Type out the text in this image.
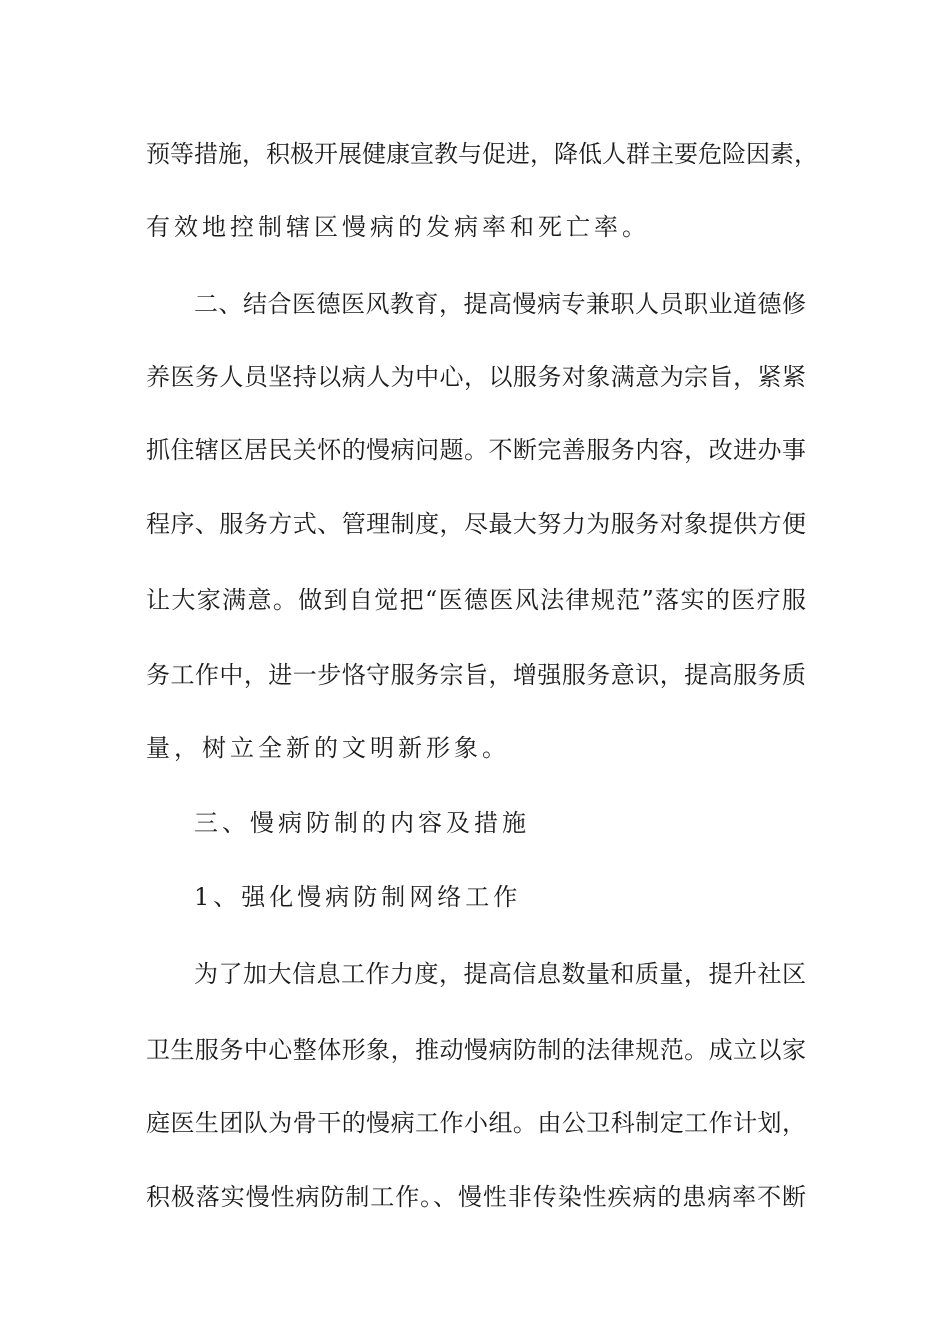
预等措施，积极开展健康宣教与促进，降低人群主要危险因素，
有效地控制辖区慢病的发病率和死亡率。
二、结合医德医风教育，提高慢病专兼职人员职业道德修
养医务人员坚持以病人为中心，以服务对象满意为宗旨，紧紧
抓住辖区居民关怀的慢病问题。不断完善服务内容，改进办事
程序、服务方式、管理制度，尽最大努力为服务对象提供方便
让大家满意。做到自觉把“医德医风法律规范”落实的医疗服
务工作中，进一步恪守服务宗旨，增强服务意识，提高服务质
量，树立全新的文明新形象。
三、慢病防制的内容及措施
1、强化慢病防制网络工作
为了加大信息工作力度，提高信息数量和质量，提升社区
卫生服务中心整体形象，推动慢病防制的法律规范。成立以家
庭医生团队为骨干的慢病工作小组。由公卫科制定工作计划，
积极落实慢性病防制工作。、慢性非传染性疾病的患病率不断
